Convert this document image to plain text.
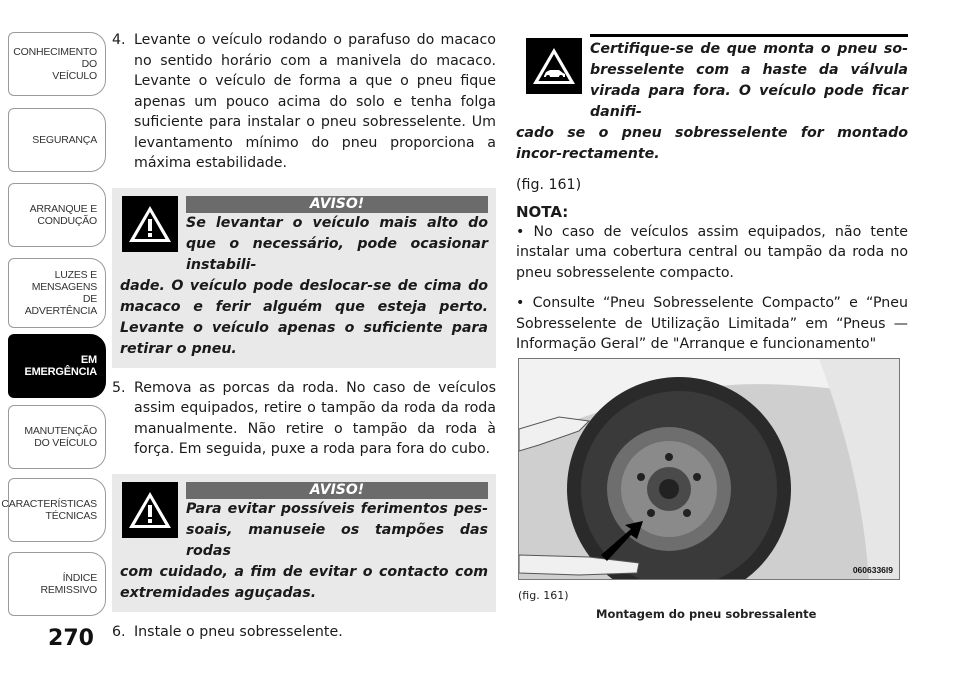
CONHECIMENTO
DO
VEÍCULO
SEGURANÇA
ARRANQUE E
CONDUÇÃO
LUZES E
MENSAGENS
DE
ADVERTÊNCIA
EM
EMERGÊNCIA
MANUTENÇÃO
DO VEÍCULO
CARACTERÍSTICAS
TÉCNICAS
ÍNDICE
REMISSIVO
270

4. Levante o veículo rodando o parafuso do macaco no sentido horário com a manivela do macaco. Levante o veículo de forma a que o pneu fique apenas um pouco acima do solo e tenha folga suficiente para instalar o pneu sobresselente. Um levantamento mínimo do pneu proporciona a máxima estabilidade.

AVISO!
Se levantar o veículo mais alto do que o necessário, pode ocasionar instabili-
dade. O veículo pode deslocar-se de cima do macaco e ferir alguém que esteja perto. Levante o veículo apenas o suficiente para retirar o pneu.

5. Remova as porcas da roda. No caso de veículos assim equipados, retire o tampão da roda da roda manualmente. Não retire o tampão da roda à força. Em seguida, puxe a roda para fora do cubo.

AVISO!
Para evitar possíveis ferimentos pes-soais, manuseie os tampões das rodas
com cuidado, a fim de evitar o contacto com extremidades aguçadas.

6. Instale o pneu sobresselente.

Certifique-se de que monta o pneu so-bresselente com a haste da válvula virada para fora. O veículo pode ficar danifi-
cado se o pneu sobresselente for montado incor-rectamente.

(fig. 161)

NOTA:

• No caso de veículos assim equipados, não tente instalar uma cobertura central ou tampão da roda no pneu sobresselente compacto.

• Consulte “Pneu Sobresselente Compacto” e “Pneu Sobresselente de Utilização Limitada” em “Pneus — Informação Geral” de "Arranque e funcionamento"

0606336l9
(fig. 161)
Montagem do pneu sobressalente
